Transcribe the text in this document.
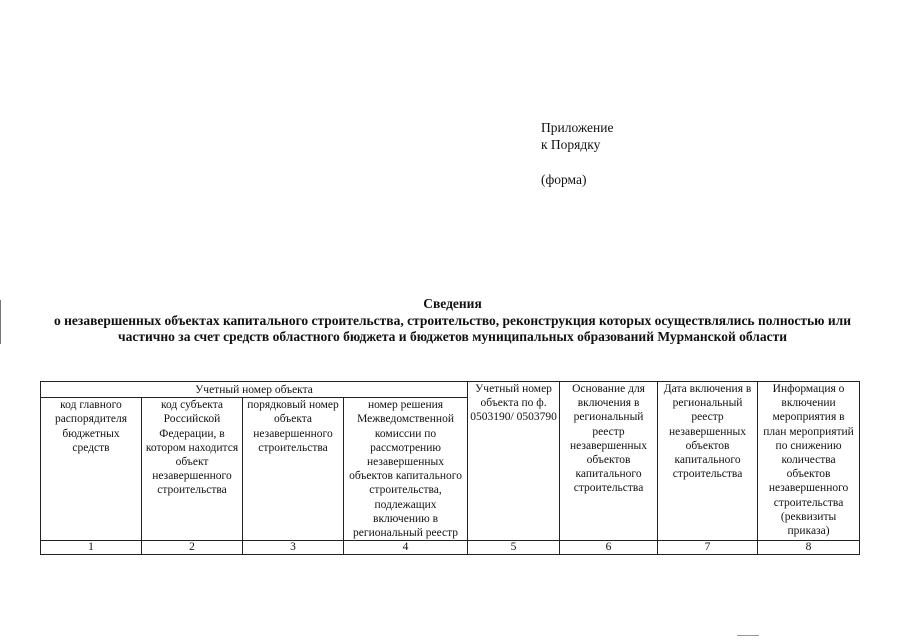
Приложение
к Порядку
(форма)
Сведения
о незавершенных объектах капитального строительства, строительство, реконструкция которых осуществлялись полностью или частично за счет средств областного бюджета и бюджетов муниципальных образований Мурманской области
Учетный номер объекта				Учетный номер объекта по ф. 0503190/ 0503790	Основание для включения в региональный реестр незавершенных объектов капитального строительства	Дата включения в региональный реестр незавершенных объектов капитального строительства	Информация о включении мероприятия в план мероприятий по снижению количества объектов незавершенного строительства (реквизиты приказа)
код главного распорядителя бюджетных средств	код субъекта Российской Федерации, в котором находится объект незавершенного строительства	порядковый номер объекта незавершенного строительства	номер решения Межведомственной комиссии по рассмотрению незавершенных объектов капитального строительства, подлежащих включению в региональный реестр				
1	2	3	4	5	6	7	8
